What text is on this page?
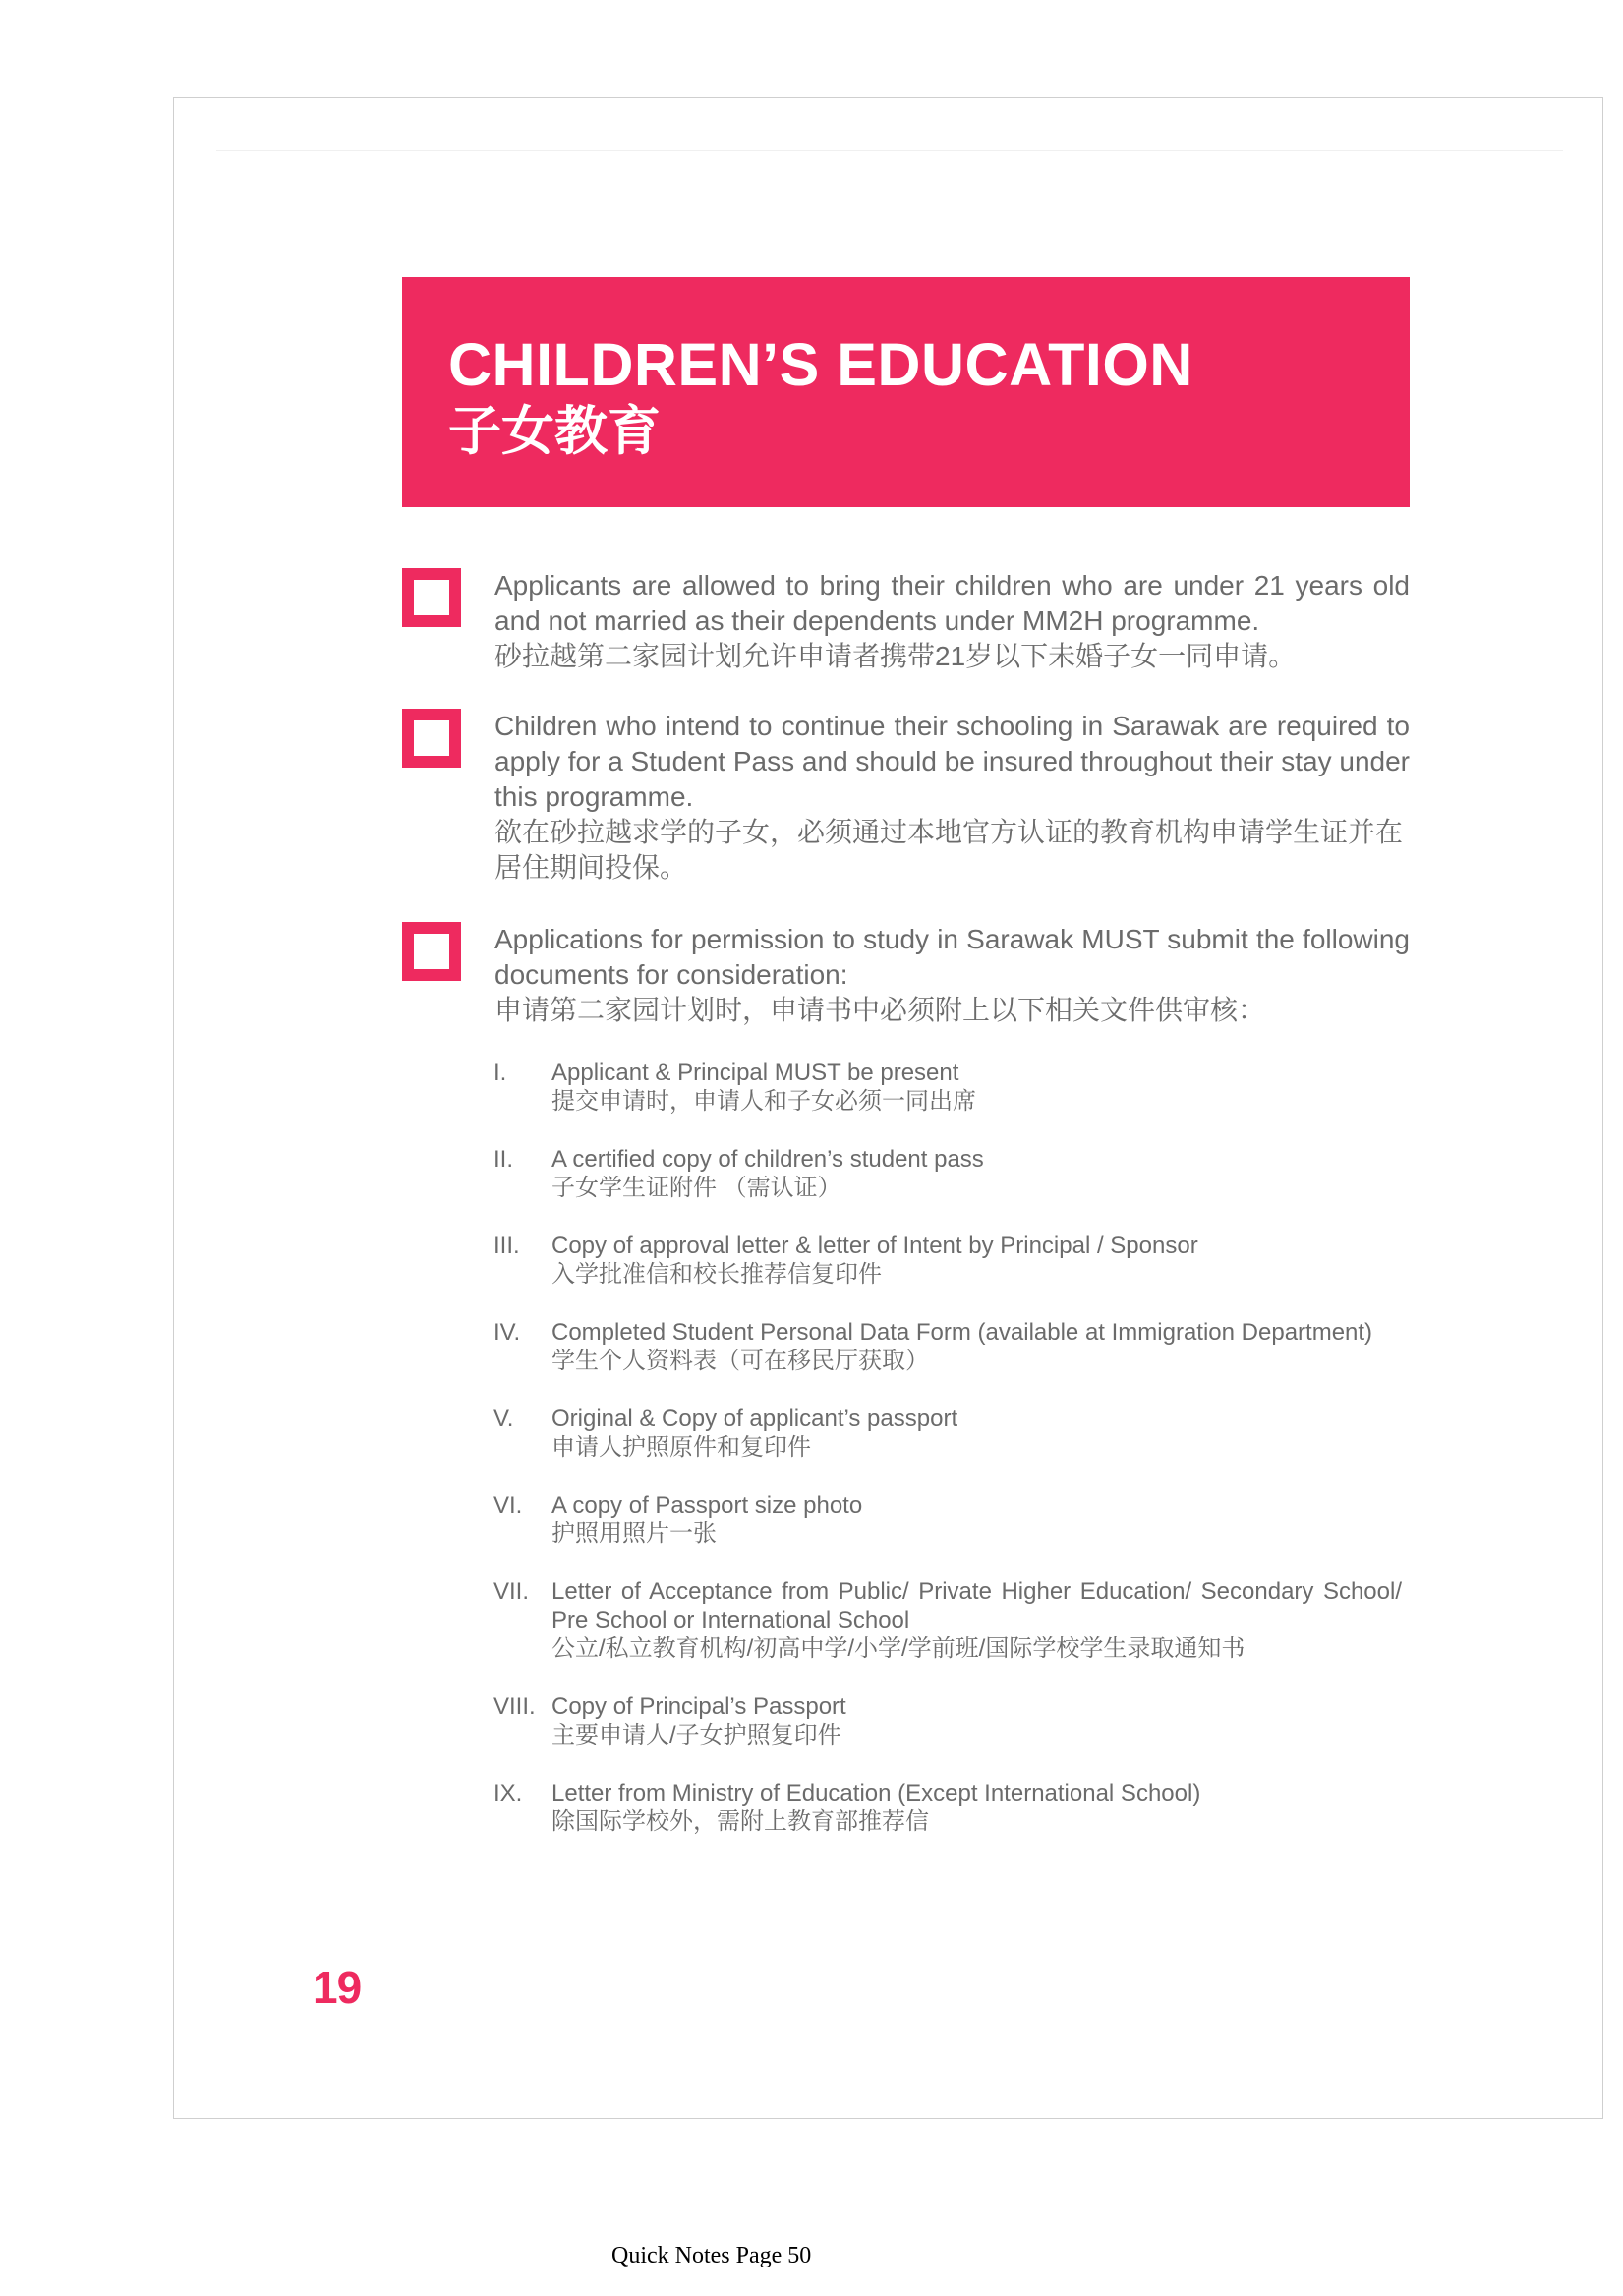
CHILDREN’S EDUCATION
子女教育
Applicants are allowed to bring their children who are under 21 years old and not married as their dependents under MM2H programme.
砂拉越第二家园计划允许申请者携带21岁以下未婚子女一同申请。
Children who intend to continue their schooling in Sarawak are required to apply for a Student Pass and should be insured throughout their stay under this programme.
欲在砂拉越求学的子女，必须通过本地官方认证的教育机构申请学生证并在居住期间投保。
Applications for permission to study in Sarawak MUST submit the following documents for consideration:
申请第二家园计划时，申请书中必须附上以下相关文件供审核：
I.	Applicant & Principal MUST be present
提交申请时，申请人和子女必须一同出席
II.	A certified copy of children’s student pass
子女学生证附件 （需认证）
III.	Copy of approval letter & letter of Intent by Principal / Sponsor
入学批准信和校长推荐信复印件
IV.	Completed Student Personal Data Form (available at Immigration Department)
学生个人资料表（可在移民厅获取）
V.	Original & Copy of applicant’s passport
申请人护照原件和复印件
VI.	A copy of Passport size photo
护照用照片一张
VII. Letter of Acceptance from Public/ Private Higher Education/ Secondary School/ Pre School or International School
公立/私立教育机构/初高中学/小学/学前班/国际学校学生录取通知书
VIII. Copy of Principal’s Passport
主要申请人/子女护照复印件
IX.	Letter from Ministry of Education (Except International School)
除国际学校外，需附上教育部推荐信
19
Quick Notes Page 50
